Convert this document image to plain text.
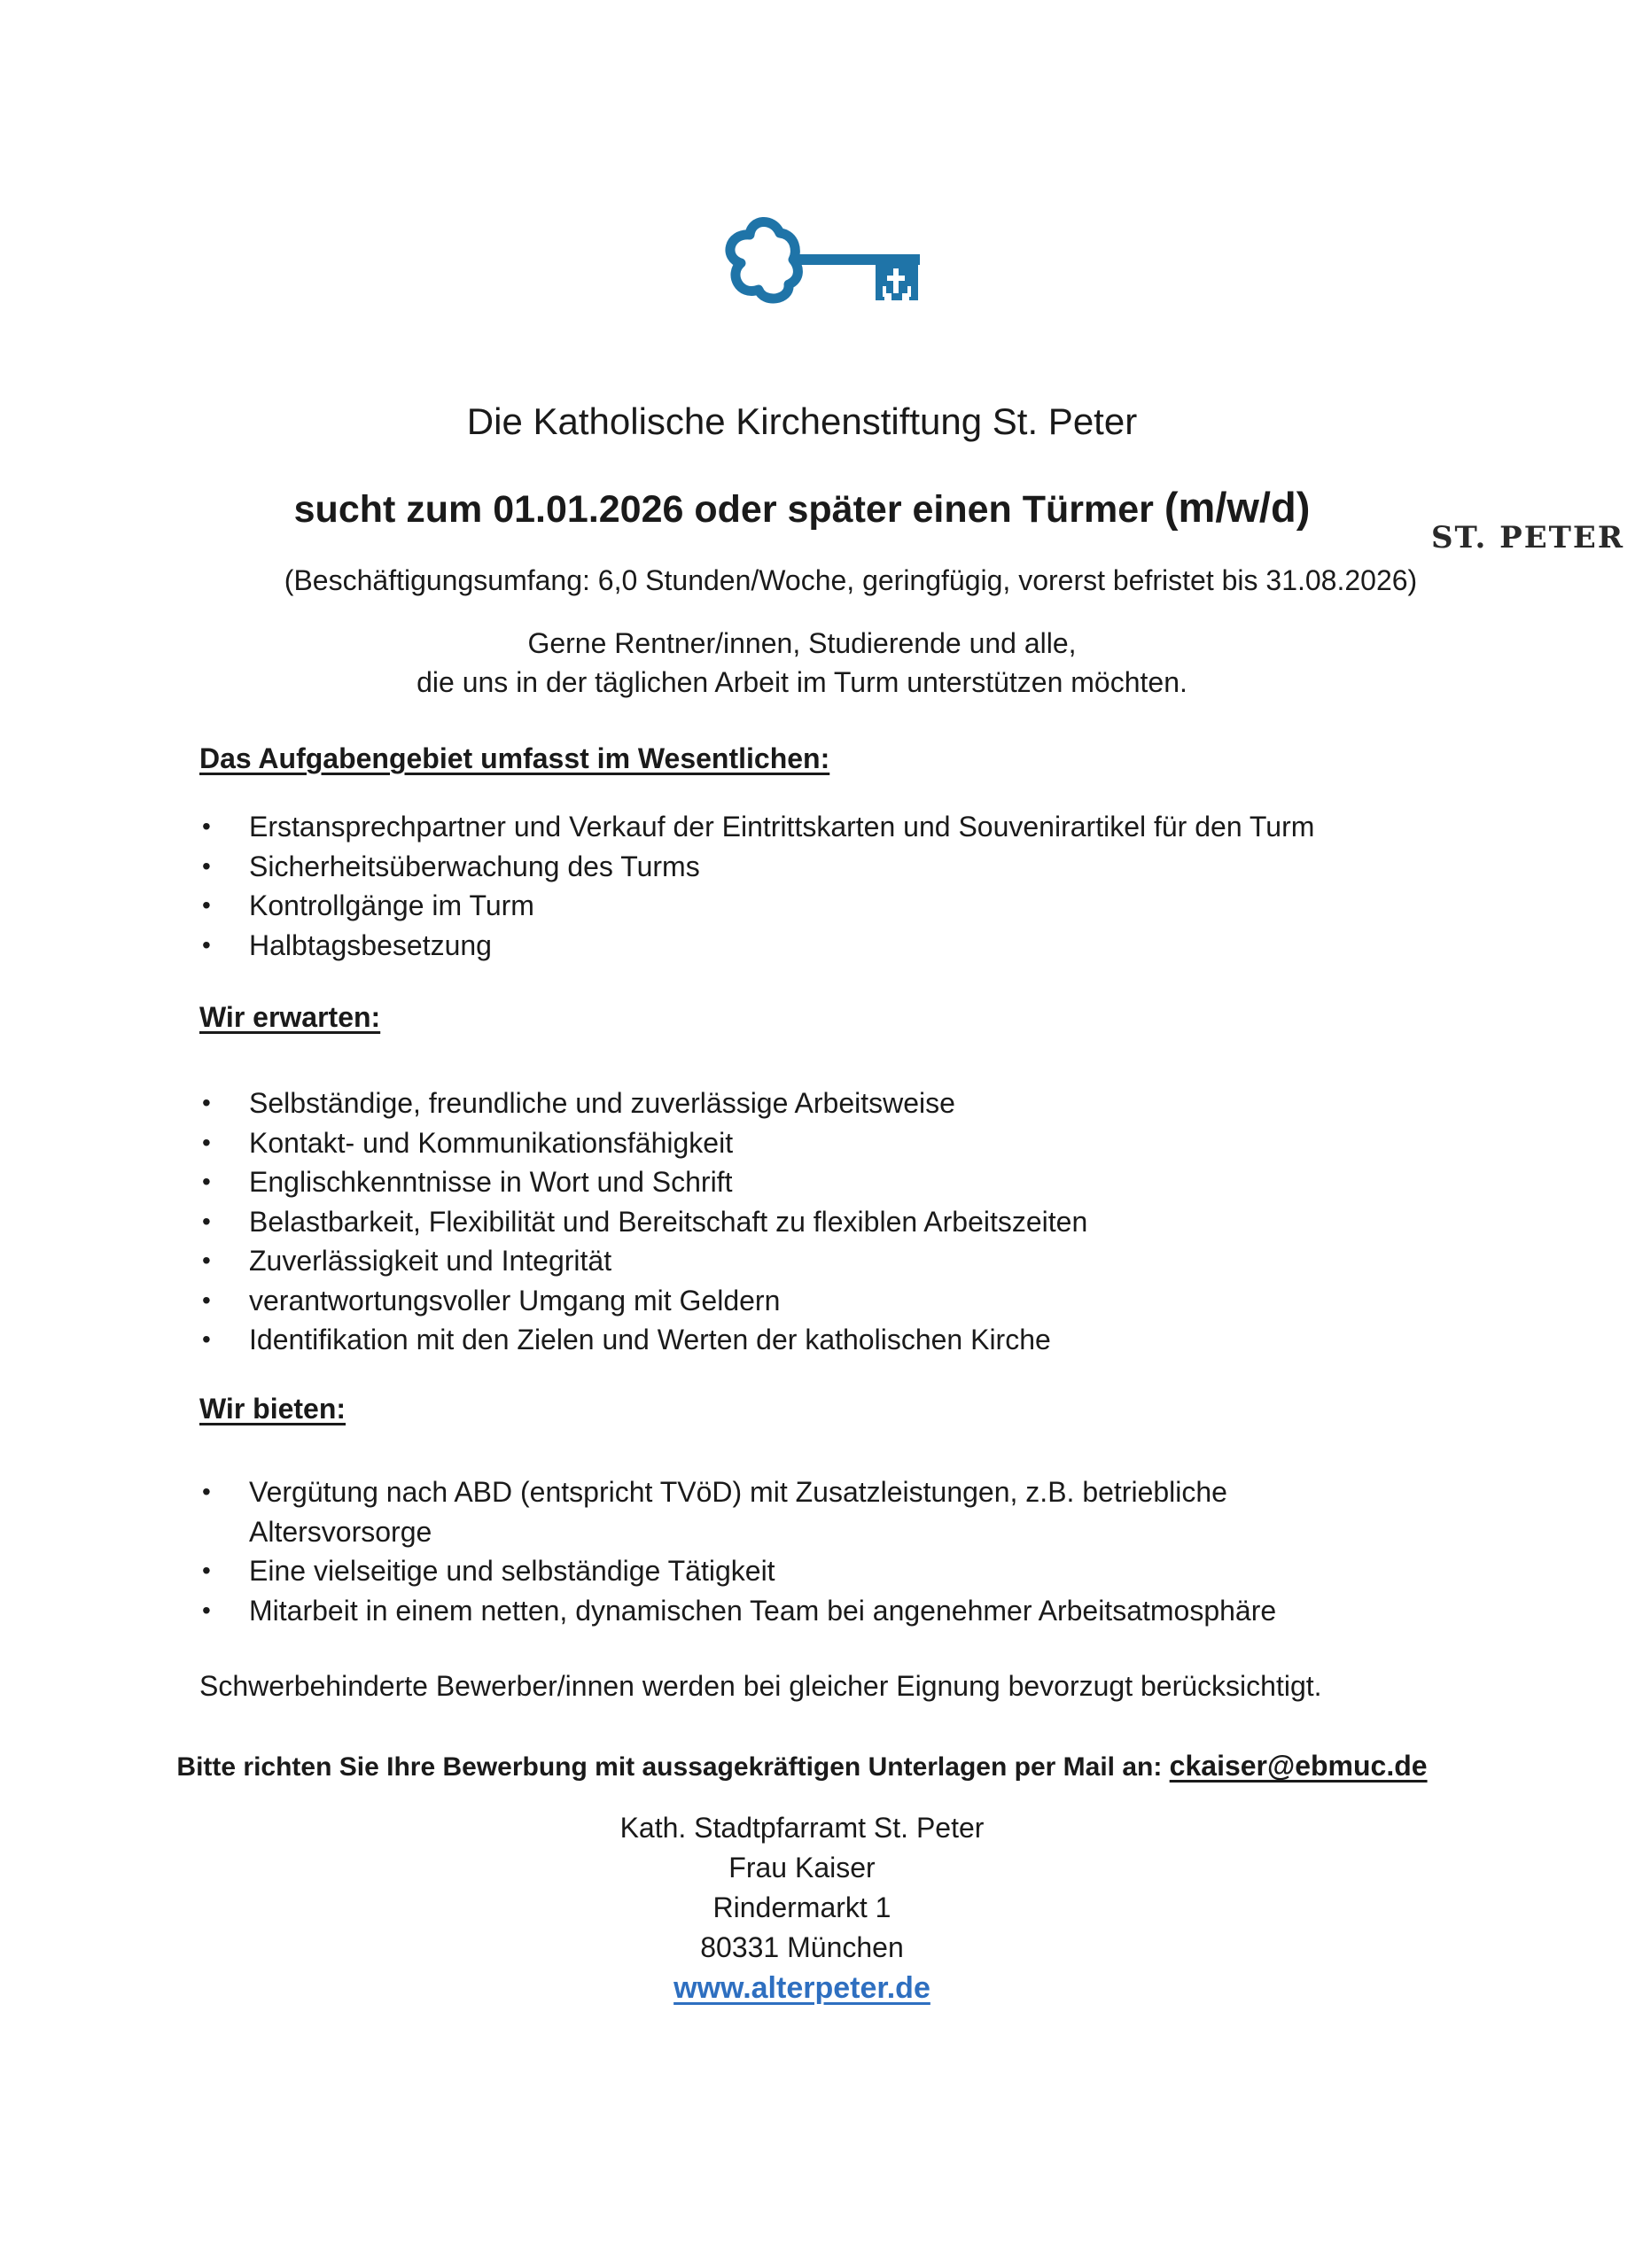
ST. PETER
Die Katholische Kirchenstiftung St. Peter
sucht zum 01.01.2026 oder später einen Türmer (m/w/d)
(Beschäftigungsumfang: 6,0 Stunden/Woche, geringfügig, vorerst befristet bis 31.08.2026)
Gerne Rentner/innen, Studierende und alle,
die uns in der täglichen Arbeit im Turm unterstützen möchten.
Das Aufgabengebiet umfasst im Wesentlichen:
• Erstansprechpartner und Verkauf der Eintrittskarten und Souvenirartikel für den Turm
• Sicherheitsüberwachung des Turms
• Kontrollgänge im Turm
• Halbtagsbesetzung
Wir erwarten:
• Selbständige, freundliche und zuverlässige Arbeitsweise
• Kontakt- und Kommunikationsfähigkeit
• Englischkenntnisse in Wort und Schrift
• Belastbarkeit, Flexibilität und Bereitschaft zu flexiblen Arbeitszeiten
• Zuverlässigkeit und Integrität
• verantwortungsvoller Umgang mit Geldern
• Identifikation mit den Zielen und Werten der katholischen Kirche
Wir bieten:
• Vergütung nach ABD (entspricht TVöD) mit Zusatzleistungen, z.B. betriebliche Altersvorsorge
• Eine vielseitige und selbständige Tätigkeit
• Mitarbeit in einem netten, dynamischen Team bei angenehmer Arbeitsatmosphäre
Schwerbehinderte Bewerber/innen werden bei gleicher Eignung bevorzugt berücksichtigt.
Bitte richten Sie Ihre Bewerbung mit aussagekräftigen Unterlagen per Mail an: ckaiser@ebmuc.de
Kath. Stadtpfarramt St. Peter
Frau Kaiser
Rindermarkt 1
80331 München
www.alterpeter.de
